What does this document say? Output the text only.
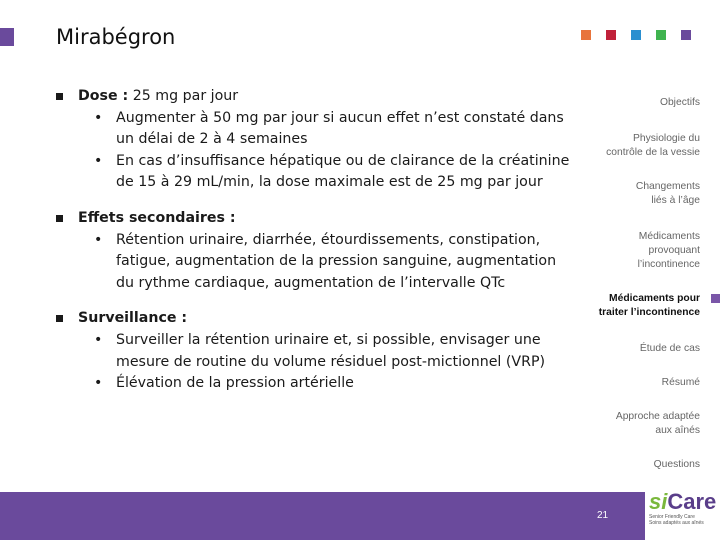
Mirabégron
Dose : 25 mg par jour
• Augmenter à 50 mg par jour si aucun effet n’est constaté dans un délai de 2 à 4 semaines
• En cas d’insuffisance hépatique ou de clairance de la créatinine de 15 à 29 mL/min, la dose maximale est de 25 mg par jour
Effets secondaires :
• Rétention urinaire, diarrhée, étourdissements, constipation, fatigue, augmentation de la pression sanguine, augmentation du rythme cardiaque, augmentation de l’intervalle QTc
Surveillance :
• Surveiller la rétention urinaire et, si possible, envisager une mesure de routine du volume résiduel post-mictionnel (VRP)
• Élévation de la pression artérielle
Objectifs
Physiologie du
contrôle de la vessie
Changements
liés à l’âge
Médicaments
provoquant
l’incontinence
Médicaments pour
traiter l’incontinence
Étude de cas
Résumé
Approche adaptée
aux aînés
Questions
21
siCare
Senior Friendly Care
Soins adaptés aux aînés
